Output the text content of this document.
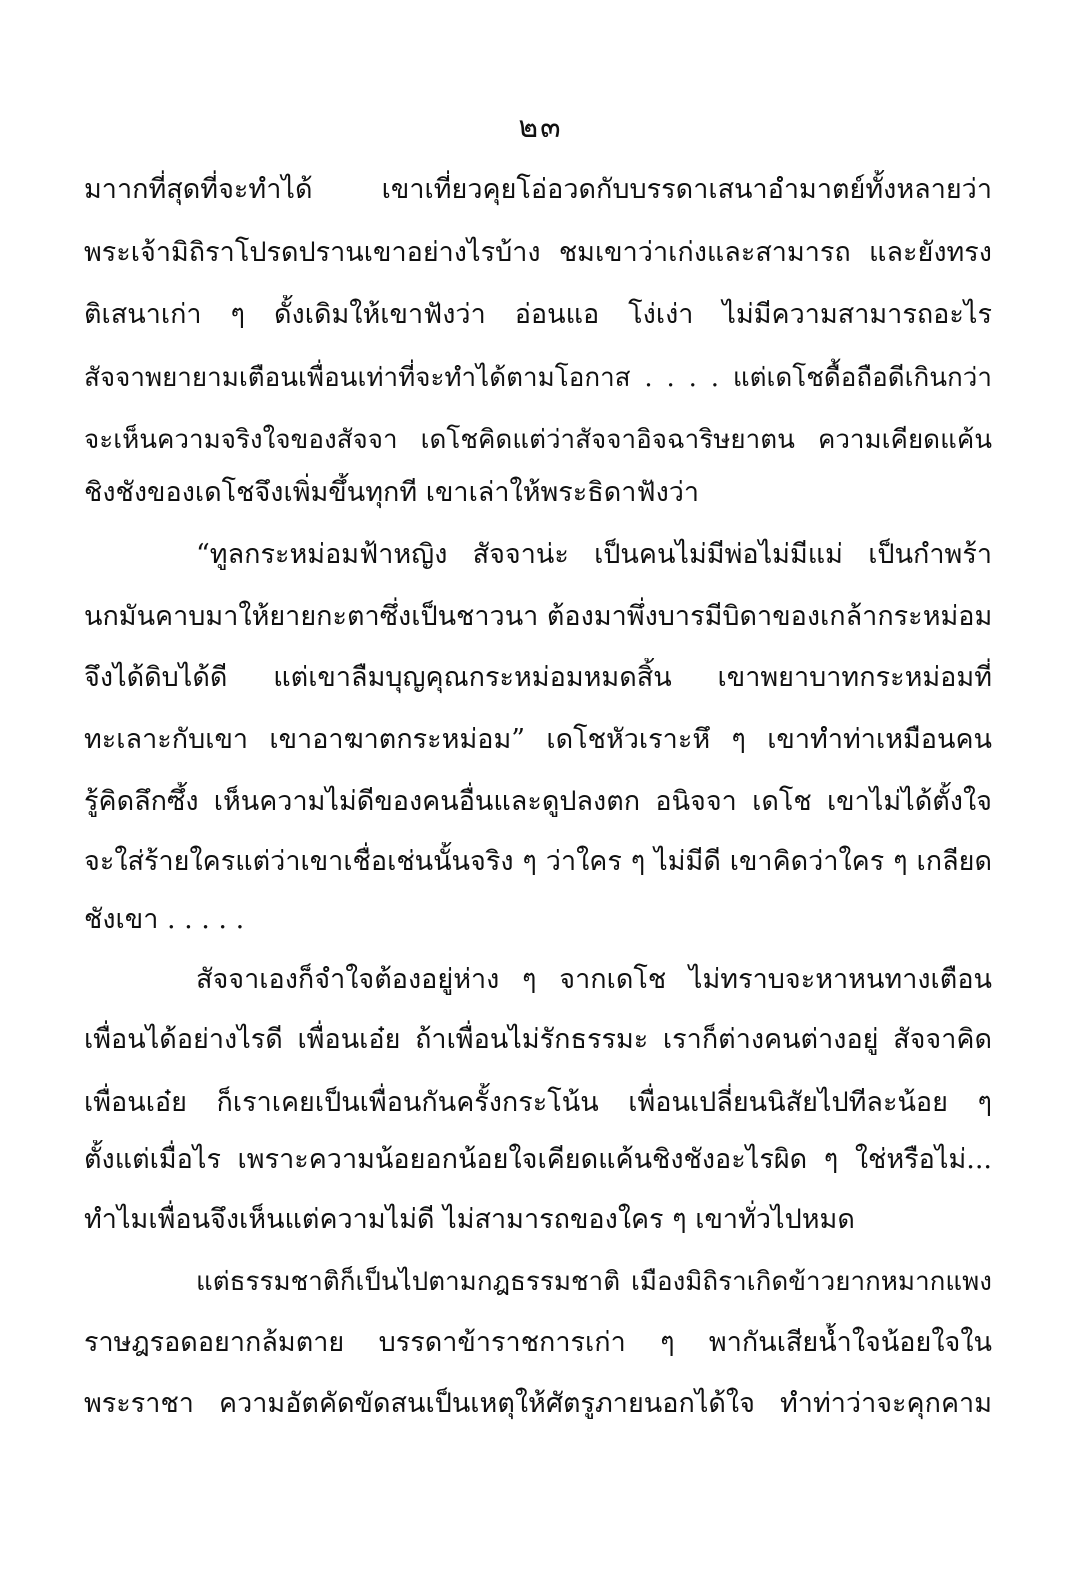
๒๓
มาากที่สุดที่จะทำได้ เขาเที่ยวคุยโอ่อวดกับบรรดาเสนาอำมาตย์ทั้งหลายว่า
พระเจ้ามิถิราโปรดปรานเขาอย่างไรบ้าง ชมเขาว่าเก่งและสามารถ และยังทรง
ติเสนาเก่า ๆ ดั้งเดิมให้เขาฟังว่า อ่อนแอ โง่เง่า ไม่มีความสามารถอะไร
สัจจาพยายามเตือนเพื่อนเท่าที่จะทำได้ตามโอกาส . . . . แต่เดโชดื้อถือดีเกินกว่า
จะเห็นความจริงใจของสัจจา เดโชคิดแต่ว่าสัจจาอิจฉาริษยาตน ความเคียดแค้น
ชิงชังของเดโชจึงเพิ่มขึ้นทุกที เขาเล่าให้พระธิดาฟังว่า
“ทูลกระหม่อมฟ้าหญิง สัจจาน่ะ เป็นคนไม่มีพ่อไม่มีแม่ เป็นกำพร้า
นกมันคาบมาให้ยายกะตาซึ่งเป็นชาวนา ต้องมาพึ่งบารมีบิดาของเกล้ากระหม่อม
จึงได้ดิบได้ดี แต่เขาลืมบุญคุณกระหม่อมหมดสิ้น เขาพยาบาทกระหม่อมที่
ทะเลาะกับเขา เขาอาฆาตกระหม่อม” เดโชหัวเราะหึ ๆ เขาทำท่าเหมือนคน
รู้คิดลึกซึ้ง เห็นความไม่ดีของคนอื่นและดูปลงตก อนิจจา เดโช เขาไม่ได้ตั้งใจ
จะใส่ร้ายใครแต่ว่าเขาเชื่อเช่นนั้นจริง ๆ ว่าใคร ๆ ไม่มีดี เขาคิดว่าใคร ๆ เกลียด
ชังเขา . . . . .
สัจจาเองก็จำใจต้องอยู่ห่าง ๆ จากเดโช ไม่ทราบจะหาหนทางเตือน
เพื่อนได้อย่างไรดี เพื่อนเอ๋ย ถ้าเพื่อนไม่รักธรรมะ เราก็ต่างคนต่างอยู่ สัจจาคิด
เพื่อนเอ๋ย ก็เราเคยเป็นเพื่อนกันครั้งกระโน้น เพื่อนเปลี่ยนนิสัยไปทีละน้อย ๆ
ตั้งแต่เมื่อไร เพราะความน้อยอกน้อยใจเคียดแค้นชิงชังอะไรผิด ๆ ใช่หรือไม่...
ทำไมเพื่อนจึงเห็นแต่ความไม่ดี ไม่สามารถของใคร ๆ เขาทั่วไปหมด
แต่ธรรมชาติก็เป็นไปตามกฎธรรมชาติ เมืองมิถิราเกิดข้าวยากหมากแพง
ราษฎรอดอยากล้มตาย บรรดาข้าราชการเก่า ๆ พากันเสียน้ำใจน้อยใจใน
พระราชา ความอัตคัดขัดสนเป็นเหตุให้ศัตรูภายนอกได้ใจ ทำท่าว่าจะคุกคาม
